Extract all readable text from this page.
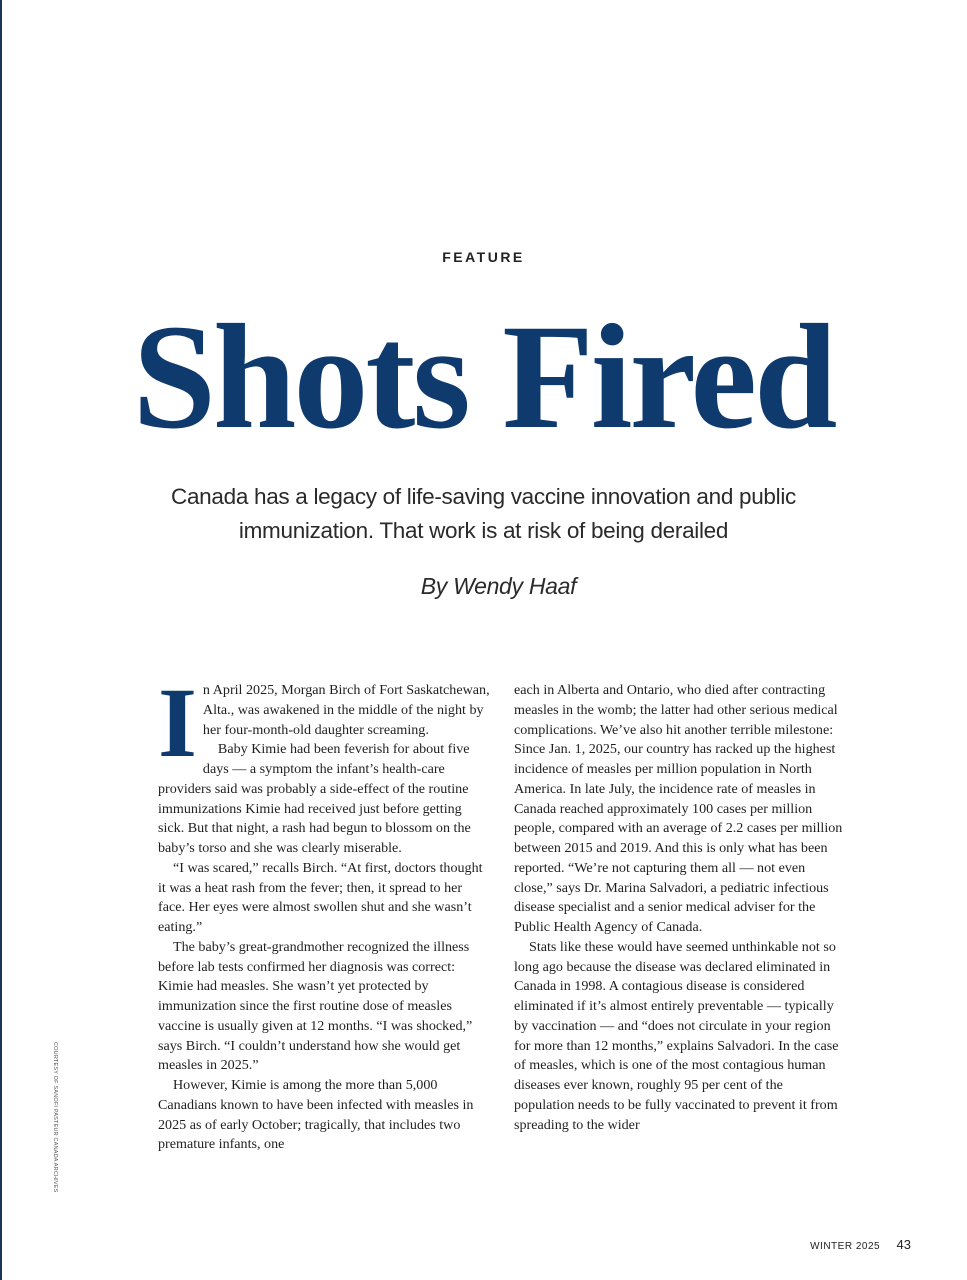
FEATURE
Shots Fired
Canada has a legacy of life-saving vaccine innovation and public immunization. That work is at risk of being derailed
By Wendy Haaf

In April 2025, Morgan Birch of Fort Saskatchewan, Alta., was awakened in the middle of the night by her four-month-old daughter screaming.

Baby Kimie had been feverish for about five days — a symptom the infant’s health-care providers said was probably a side-effect of the routine immunizations Kimie had received just before getting sick. But that night, a rash had begun to blossom on the baby’s torso and she was clearly miserable.

“I was scared,” recalls Birch. “At first, doctors thought it was a heat rash from the fever; then, it spread to her face. Her eyes were almost swollen shut and she wasn’t eating.”

The baby’s great-grandmother recognized the illness before lab tests confirmed her diagnosis was correct: Kimie had measles. She wasn’t yet protected by immunization since the first routine dose of measles vaccine is usually given at 12 months. “I was shocked,” says Birch. “I couldn’t understand how she would get measles in 2025.”

However, Kimie is among the more than 5,000 Canadians known to have been infected with measles in 2025 as of early October; tragically, that includes two premature infants, one

each in Alberta and Ontario, who died after contracting measles in the womb; the latter had other serious medical complications. We’ve also hit another terrible milestone: Since Jan. 1, 2025, our country has racked up the highest incidence of measles per million population in North America. In late July, the incidence rate of measles in Canada reached approximately 100 cases per million people, compared with an average of 2.2 cases per million between 2015 and 2019. And this is only what has been reported. “We’re not capturing them all — not even close,” says Dr. Marina Salvadori, a pediatric infectious disease specialist and a senior medical adviser for the Public Health Agency of Canada.

Stats like these would have seemed unthinkable not so long ago because the disease was declared eliminated in Canada in 1998. A contagious disease is considered eliminated if it’s almost entirely preventable — typically by vaccination — and “does not circulate in your region for more than 12 months,” explains Salvadori. In the case of measles, which is one of the most contagious human diseases ever known, roughly 95 per cent of the population needs to be fully vaccinated to prevent it from spreading to the wider

COURTESY OF SANOFI PASTEUR CANADA ARCHIVES
WINTER 2025 43
